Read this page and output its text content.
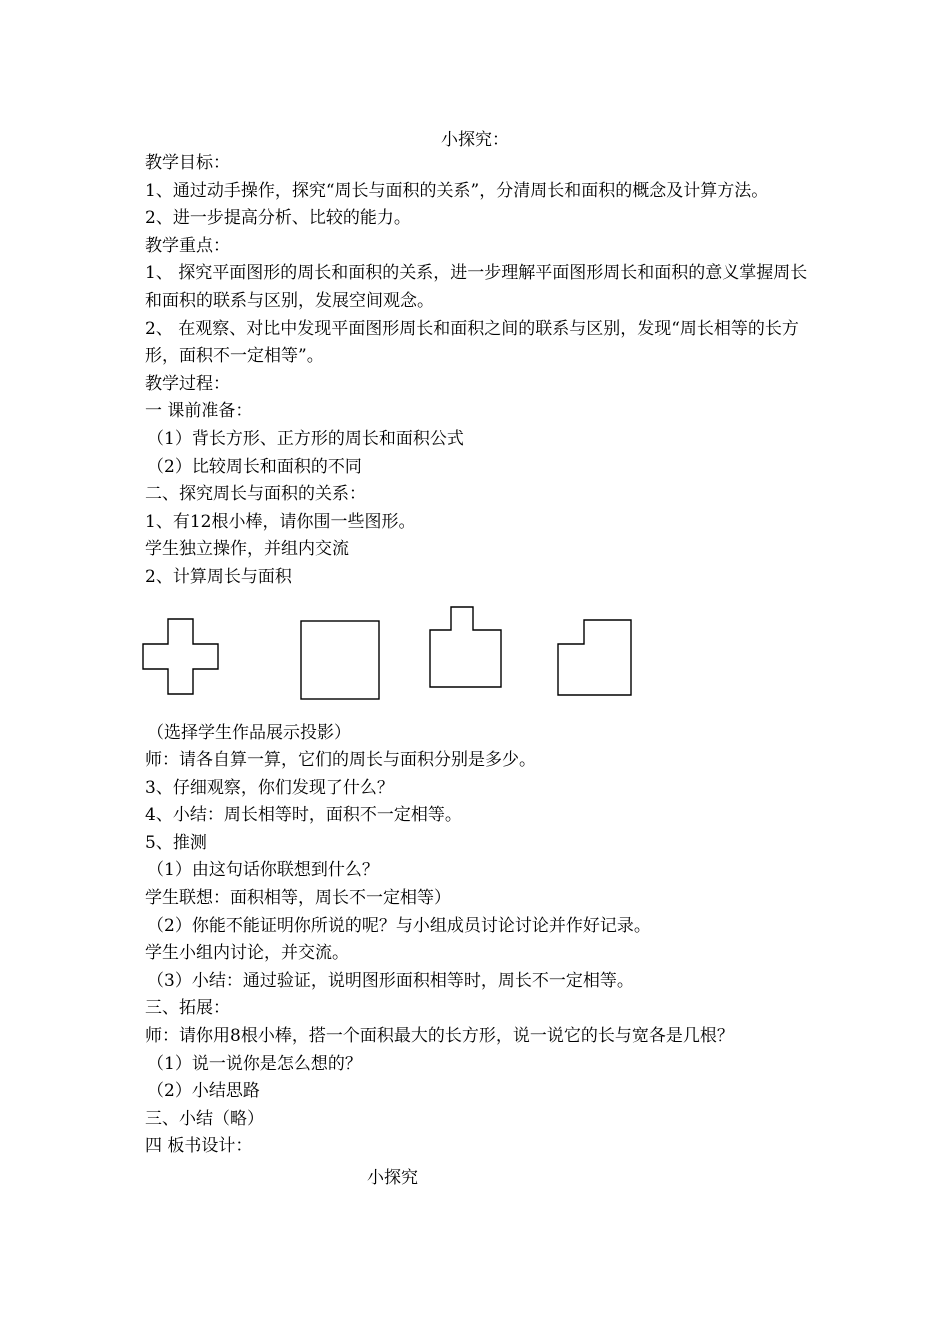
小探究：

教学目标：

1、通过动手操作，探究“周长与面积的关系”，分清周长和面积的概念及计算方法。

2、进一步提高分析、比较的能力。

教学重点：

1、 探究平面图形的周长和面积的关系，进一步理解平面图形周长和面积的意义掌握周长和面积的联系与区别，发展空间观念。

2、 在观察、对比中发现平面图形周长和面积之间的联系与区别，发现“周长相等的长方形，面积不一定相等”。

教学过程：

一 课前准备：

（1）背长方形、正方形的周长和面积公式

（2）比较周长和面积的不同

二、探究周长与面积的关系：

1、有12根小棒，请你围一些图形。

学生独立操作，并组内交流

2、计算周长与面积

（选择学生作品展示投影）

师：请各自算一算，它们的周长与面积分别是多少。

3、仔细观察，你们发现了什么？

4、小结：周长相等时，面积不一定相等。

5、推测

（1）由这句话你联想到什么？

学生联想：面积相等，周长不一定相等）

（2）你能不能证明你所说的呢？与小组成员讨论讨论并作好记录。

学生小组内讨论，并交流。

（3）小结：通过验证，说明图形面积相等时，周长不一定相等。

三、拓展：

师：请你用8根小棒，搭一个面积最大的长方形，说一说它的长与宽各是几根？

（1）说一说你是怎么想的？

（2）小结思路

三、小结（略）

四 板书设计：

小探究
